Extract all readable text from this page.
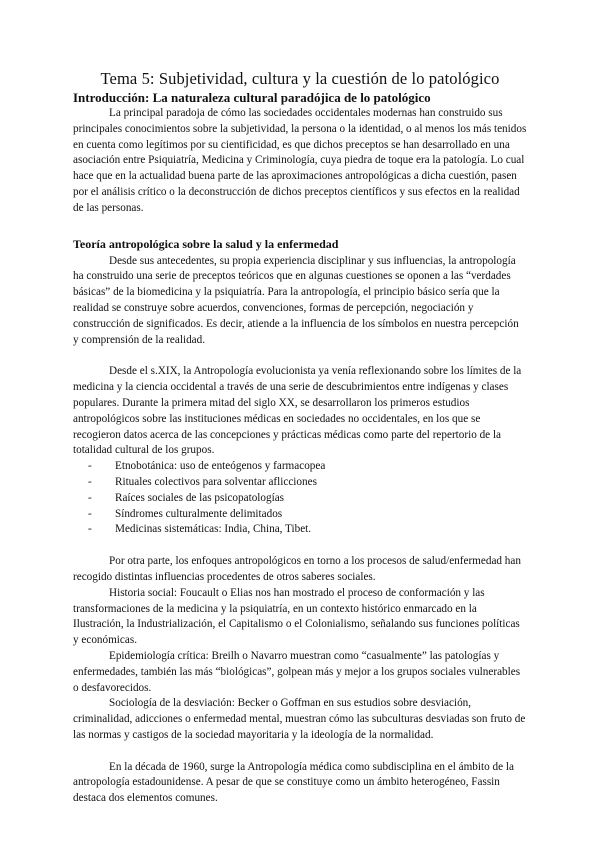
Tema 5: Subjetividad, cultura y la cuestión de lo patológico
Introducción: La naturaleza cultural paradójica de lo patológico

La principal paradoja de cómo las sociedades occidentales modernas han construido sus principales conocimientos sobre la subjetividad, la persona o la identidad, o al menos los más tenidos en cuenta como legítimos por su cientificidad, es que dichos preceptos se han desarrollado en una asociación entre Psiquiatría, Medicina y Criminología, cuya piedra de toque era la patología. Lo cual hace que en la actualidad buena parte de las aproximaciones antropológicas a dicha cuestión, pasen por el análisis crítico o la deconstrucción de dichos preceptos científicos y sus efectos en la realidad de las personas.

Teoría antropológica sobre la salud y la enfermedad

Desde sus antecedentes, su propia experiencia disciplinar y sus influencias, la antropología ha construido una serie de preceptos teóricos que en algunas cuestiones se oponen a las “verdades básicas” de la biomedicina y la psiquiatría. Para la antropología, el principio básico sería que la realidad se construye sobre acuerdos, convenciones, formas de percepción, negociación y construcción de significados. Es decir, atiende a la influencia de los símbolos en nuestra percepción y comprensión de la realidad.

Desde el s.XIX, la Antropología evolucionista ya venía reflexionando sobre los límites de la medicina y la ciencia occidental a través de una serie de descubrimientos entre indígenas y clases populares. Durante la primera mitad del siglo XX, se desarrollaron los primeros estudios antropológicos sobre las instituciones médicas en sociedades no occidentales, en los que se recogieron datos acerca de las concepciones y prácticas médicas como parte del repertorio de la totalidad cultural de los grupos.

- Etnobotánica: uso de enteógenos y farmacopea
- Rituales colectivos para solventar aflicciones
- Raíces sociales de las psicopatologías
- Síndromes culturalmente delimitados
- Medicinas sistemáticas: India, China, Tibet.

Por otra parte, los enfoques antropológicos en torno a los procesos de salud/enfermedad han recogido distintas influencias procedentes de otros saberes sociales.

Historia social: Foucault o Elias nos han mostrado el proceso de conformación y las transformaciones de la medicina y la psiquiatría, en un contexto histórico enmarcado en la Ilustración, la Industrialización, el Capitalismo o el Colonialismo, señalando sus funciones políticas y económicas.

Epidemiología crítica: Breilh o Navarro muestran como “casualmente” las patologías y enfermedades, también las más “biológicas”, golpean más y mejor a los grupos sociales vulnerables o desfavorecidos.

Sociología de la desviación: Becker o Goffman en sus estudios sobre desviación, criminalidad, adicciones o enfermedad mental, muestran cómo las subculturas desviadas son fruto de las normas y castigos de la sociedad mayoritaria y la ideología de la normalidad.

En la década de 1960, surge la Antropología médica como subdisciplina en el ámbito de la antropología estadounidense. A pesar de que se constituye como un ámbito heterogéneo, Fassin destaca dos elementos comunes.
